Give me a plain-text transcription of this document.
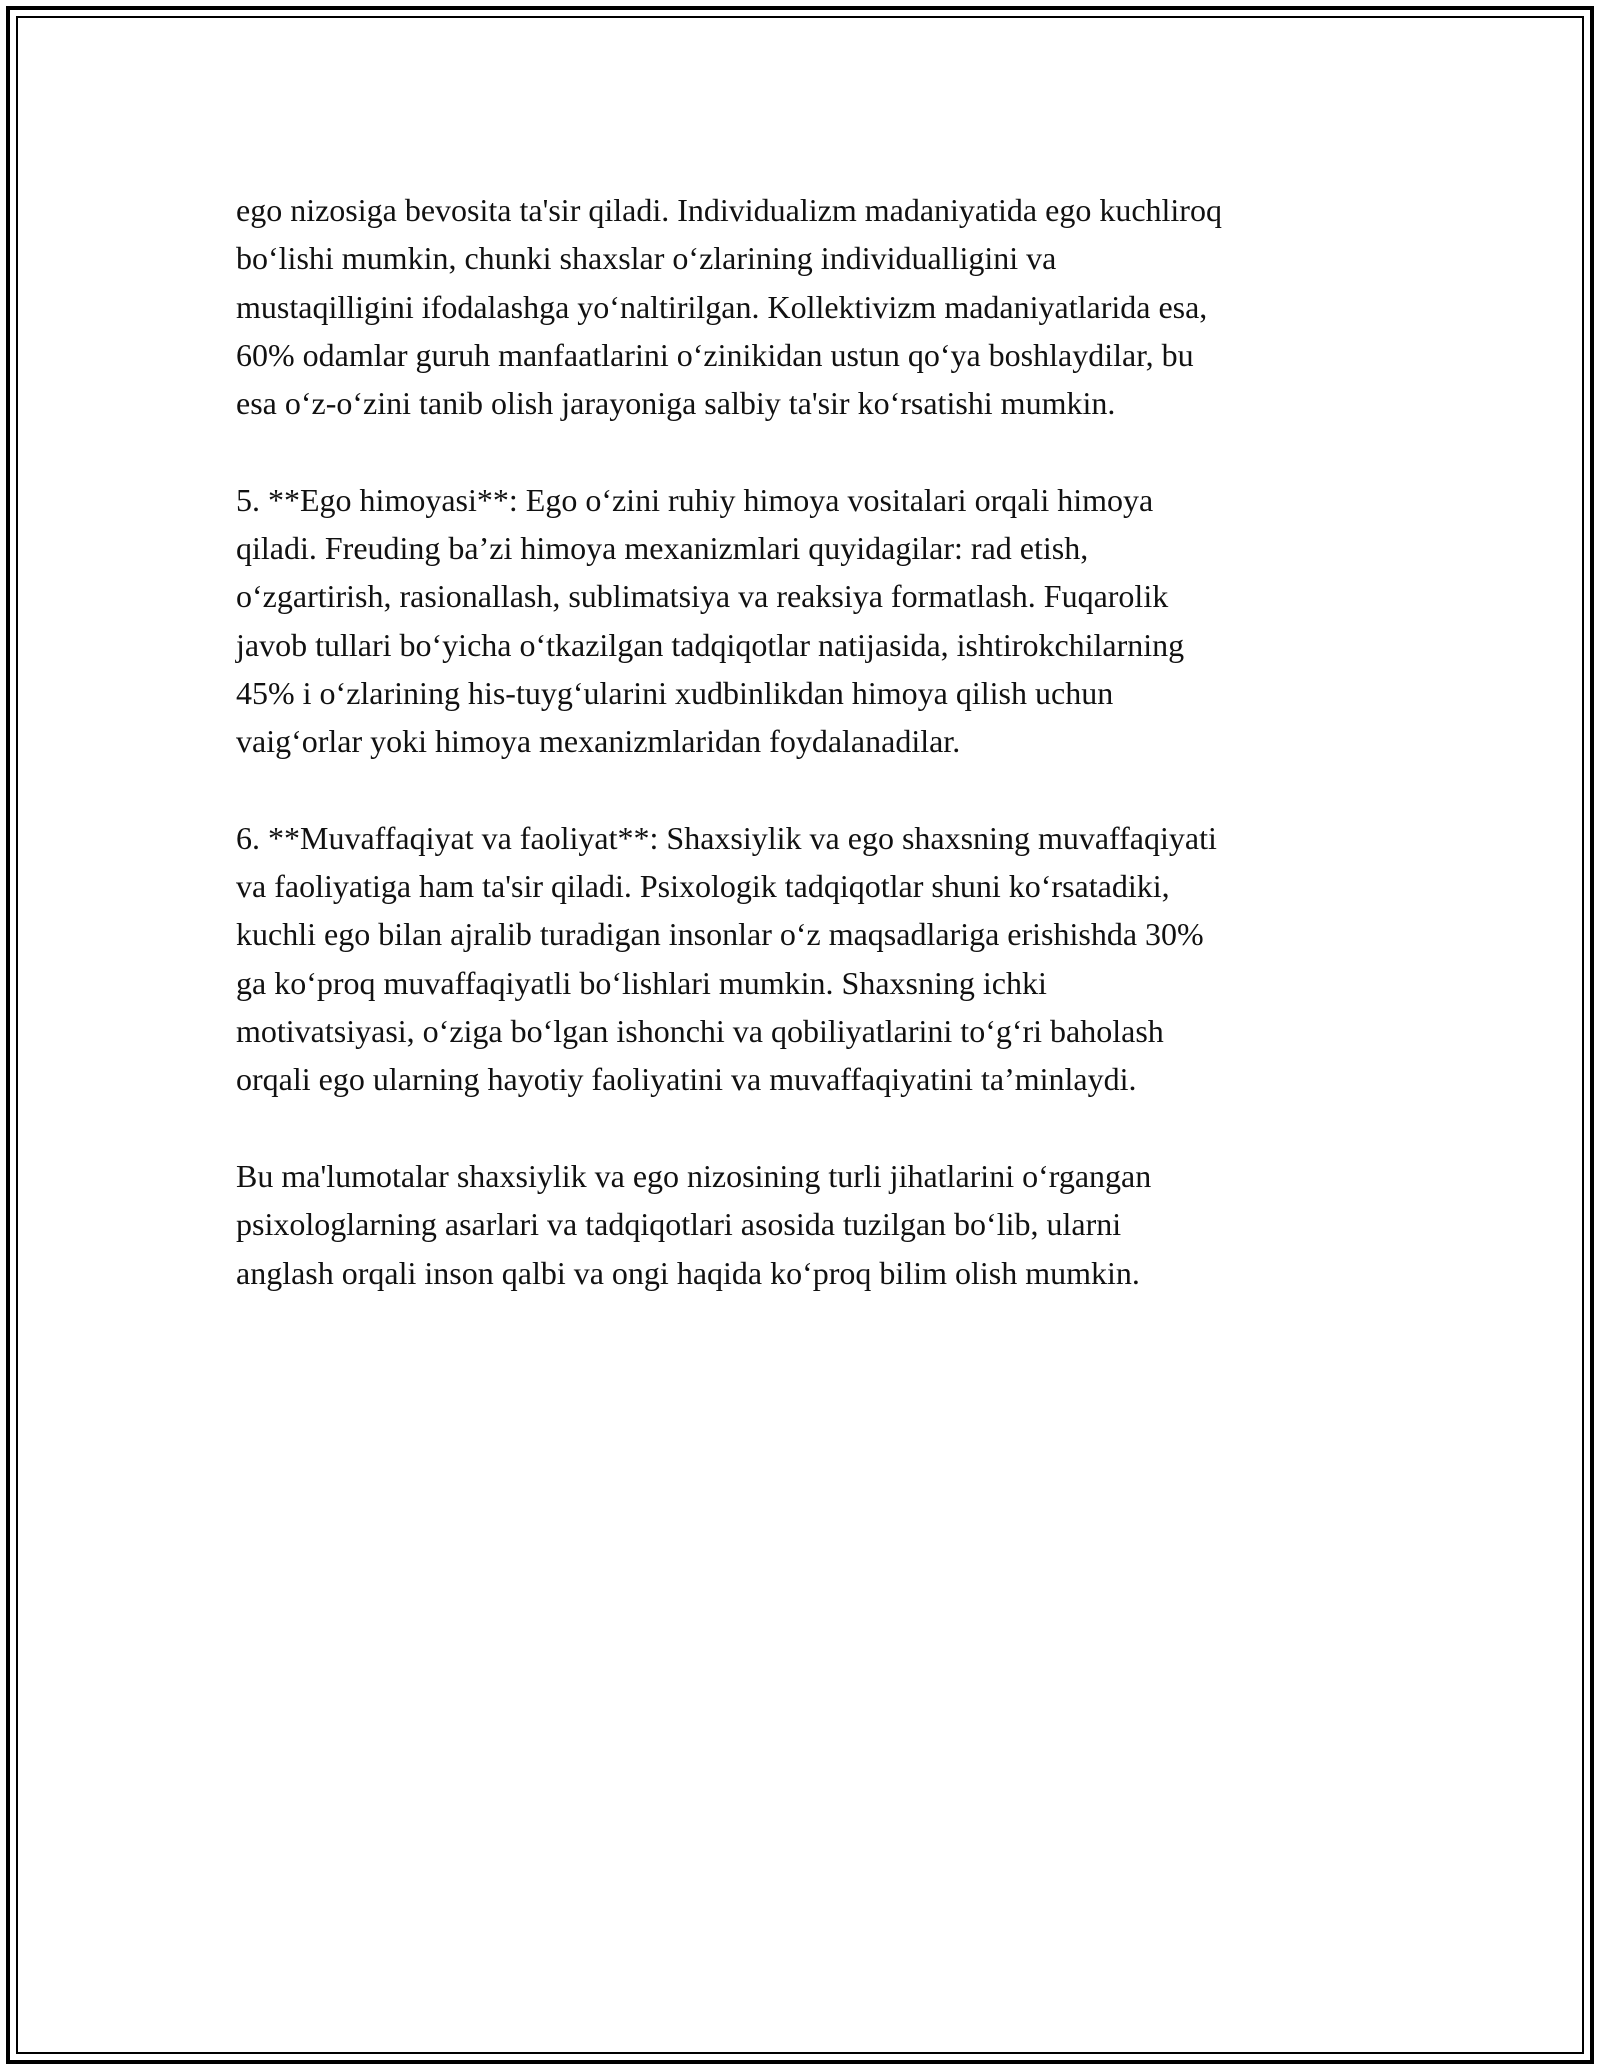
ego nizosiga bevosita ta'sir qiladi. Individualizm madaniyatida ego kuchliroq
bo‘lishi mumkin, chunki shaxslar o‘zlarining individualligini va
mustaqilligini ifodalashga yo‘naltirilgan. Kollektivizm madaniyatlarida esa,
60% odamlar guruh manfaatlarini o‘zinikidan ustun qo‘ya boshlaydilar, bu
esa o‘z-o‘zini tanib olish jarayoniga salbiy ta'sir ko‘rsatishi mumkin.

5. **Ego himoyasi**: Ego o‘zini ruhiy himoya vositalari orqali himoya
qiladi. Freuding ba’zi himoya mexanizmlari quyidagilar: rad etish,
o‘zgartirish, rasionallash, sublimatsiya va reaksiya formatlash. Fuqarolik
javob tullari bo‘yicha o‘tkazilgan tadqiqotlar natijasida, ishtirokchilarning
45% i o‘zlarining his-tuyg‘ularini xudbinlikdan himoya qilish uchun
vaig‘orlar yoki himoya mexanizmlaridan foydalanadilar.

6. **Muvaffaqiyat va faoliyat**: Shaxsiylik va ego shaxsning muvaffaqiyati
va faoliyatiga ham ta'sir qiladi. Psixologik tadqiqotlar shuni ko‘rsatadiki,
kuchli ego bilan ajralib turadigan insonlar o‘z maqsadlariga erishishda 30%
ga ko‘proq muvaffaqiyatli bo‘lishlari mumkin. Shaxsning ichki
motivatsiyasi, o‘ziga bo‘lgan ishonchi va qobiliyatlarini to‘g‘ri baholash
orqali ego ularning hayotiy faoliyatini va muvaffaqiyatini ta’minlaydi.

Bu ma'lumotalar shaxsiylik va ego nizosining turli jihatlarini o‘rgangan
psixologlarning asarlari va tadqiqotlari asosida tuzilgan bo‘lib, ularni
anglash orqali inson qalbi va ongi haqida ko‘proq bilim olish mumkin.
